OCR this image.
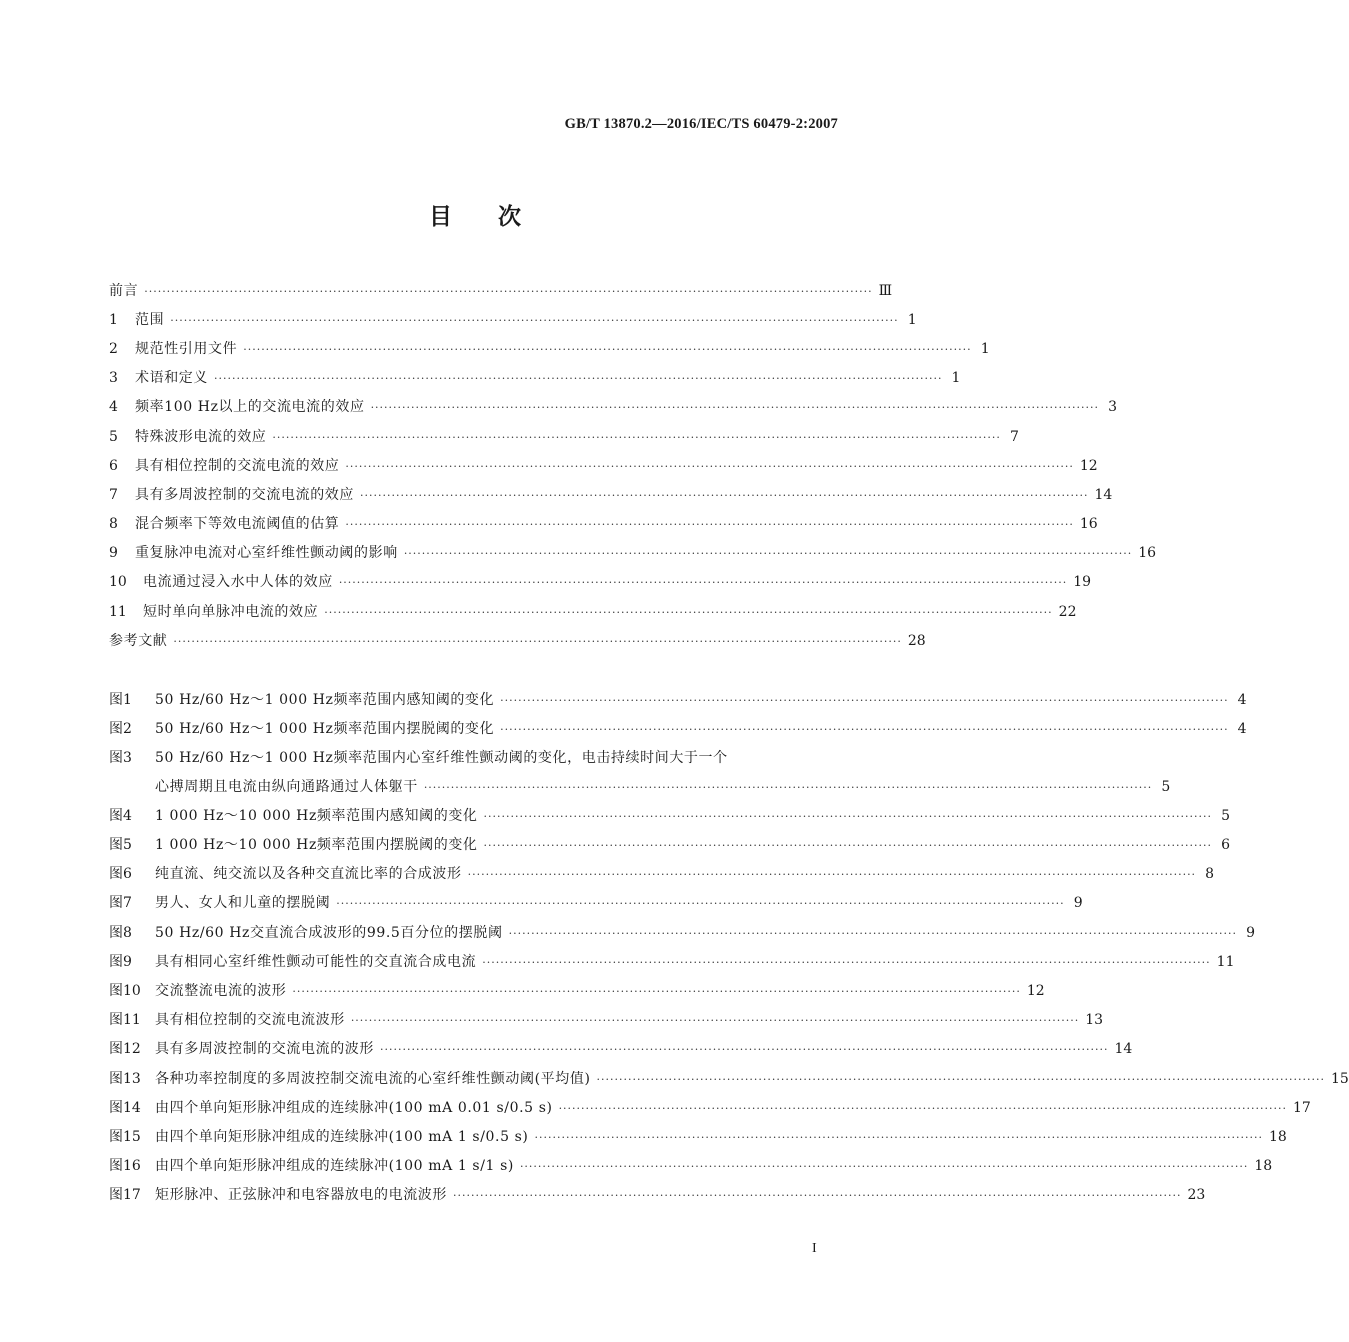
GB/T 13870.2—2016/IEC/TS 60479-2:2007
目次
前言 ·····	Ⅲ
1	范围 ·····	1
2	规范性引用文件 ·····	1
3	术语和定义 ·····	1
4	频率100 Hz以上的交流电流的效应 ·····	3
5	特殊波形电流的效应 ·····	7
6	具有相位控制的交流电流的效应 ·····	12
7	具有多周波控制的交流电流的效应 ·····	14
8	混合频率下等效电流阈值的估算 ·····	16
9	重复脉冲电流对心室纤维性颤动阈的影响 ·····	16
10	电流通过浸入水中人体的效应 ·····	19
11	短时单向单脉冲电流的效应 ·····	22
参考文献 ·····	28
图1	50 Hz/60 Hz～1 000 Hz频率范围内感知阈的变化 ·····	4
图2	50 Hz/60 Hz～1 000 Hz频率范围内摆脱阈的变化 ·····	4
图3	50 Hz/60 Hz～1 000 Hz频率范围内心室纤维性颤动阈的变化，电击持续时间大于一个
心搏周期且电流由纵向通路通过人体躯干 ·····	5
图4	1 000 Hz～10 000 Hz频率范围内感知阈的变化 ·····	5
图5	1 000 Hz～10 000 Hz频率范围内摆脱阈的变化 ·····	6
图6	纯直流、纯交流以及各种交直流比率的合成波形 ·····	8
图7	男人、女人和儿童的摆脱阈 ·····	9
图8	50 Hz/60 Hz交直流合成波形的99.5百分位的摆脱阈 ·····	9
图9	具有相同心室纤维性颤动可能性的交直流合成电流 ·····	11
图10	交流整流电流的波形 ·····	12
图11	具有相位控制的交流电流波形 ·····	13
图12	具有多周波控制的交流电流的波形 ·····	14
图13	各种功率控制度的多周波控制交流电流的心室纤维性颤动阈(平均值) ·····	15
图14	由四个单向矩形脉冲组成的连续脉冲(100 mA 0.01 s/0.5 s) ·····	17
图15	由四个单向矩形脉冲组成的连续脉冲(100 mA 1 s/0.5 s) ·····	18
图16	由四个单向矩形脉冲组成的连续脉冲(100 mA 1 s/1 s) ·····	18
图17	矩形脉冲、正弦脉冲和电容器放电的电流波形 ·····	23
I
